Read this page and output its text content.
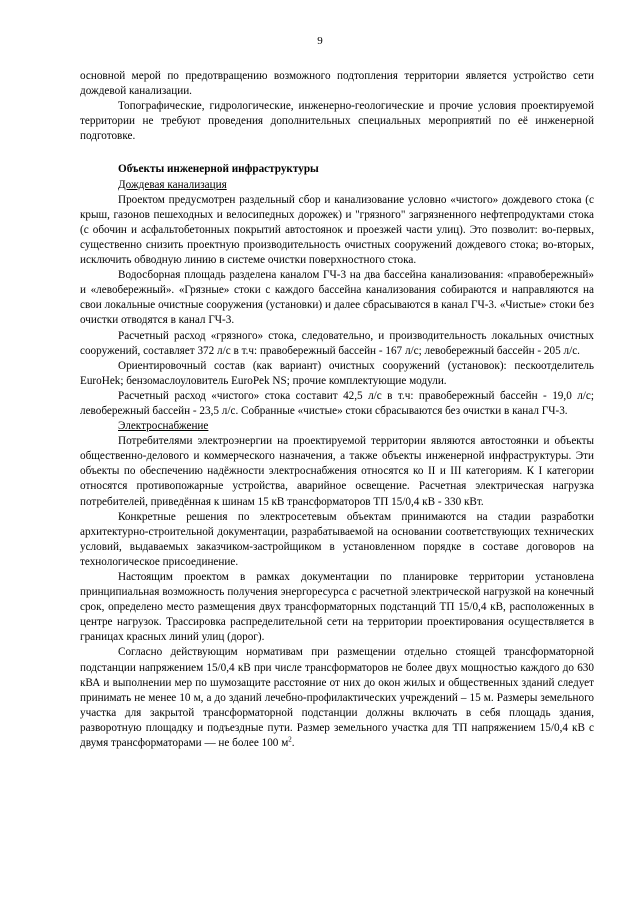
9

основной мерой по предотвращению возможного подтопления территории является устройство сети дождевой канализации.

Топографические, гидрологические, инженерно-геологические и прочие условия проектируемой территории не требуют проведения дополнительных специальных мероприятий по её инженерной подготовке.

Объекты инженерной инфраструктуры

Дождевая канализация

Проектом предусмотрен раздельный сбор и канализование условно «чистого» дождевого стока (с крыш, газонов пешеходных и велосипедных дорожек) и "грязного" загрязненного нефтепродуктами стока (с обочин и асфальтобетонных покрытий автостоянок и проезжей части улиц). Это позволит: во-первых, существенно снизить проектную производительность очистных сооружений дождевого стока; во-вторых, исключить обводную линию в системе очистки поверхностного стока.

Водосборная площадь разделена каналом ГЧ-3 на два бассейна канализования: «правобережный» и «левобережный». «Грязные» стоки с каждого бассейна канализования собираются и направляются на свои локальные очистные сооружения (установки) и далее сбрасываются в канал ГЧ-3. «Чистые» стоки без очистки отводятся в канал ГЧ-3.

Расчетный расход «грязного» стока, следовательно, и производительность локальных очистных сооружений, составляет 372 л/с в т.ч: правобережный бассейн - 167 л/с; левобережный бассейн - 205 л/с.

Ориентировочный состав (как вариант) очистных сооружений (установок): пескоотделитель EuroHek; бензомаслоуловитель EuroPek NS; прочие комплектующие модули.

Расчетный расход «чистого» стока составит 42,5 л/с в т.ч: правобережный бассейн - 19,0 л/с; левобережный бассейн - 23,5 л/с. Собранные «чистые» стоки сбрасываются без очистки в канал ГЧ-3.

Электроснабжение

Потребителями электроэнергии на проектируемой территории являются автостоянки и объекты общественно-делового и коммерческого назначения, а также объекты инженерной инфраструктуры. Эти объекты по обеспечению надёжности электроснабжения относятся ко II и III категориям. К I категории относятся противопожарные устройства, аварийное освещение. Расчетная электрическая нагрузка потребителей, приведённая к шинам 15 кВ трансформаторов ТП 15/0,4 кВ - 330 кВт.

Конкретные решения по электросетевым объектам принимаются на стадии разработки архитектурно-строительной документации, разрабатываемой на основании соответствующих технических условий, выдаваемых заказчиком-застройщиком в установленном порядке в составе договоров на технологическое присоединение.

Настоящим проектом в рамках документации по планировке территории установлена принципиальная возможность получения энергоресурса с расчетной электрической нагрузкой на конечный срок, определено место размещения двух трансформаторных подстанций ТП 15/0,4 кВ, расположенных в центре нагрузок. Трассировка распределительной сети на территории проектирования осуществляется в границах красных линий улиц (дорог).

Согласно действующим нормативам при размещении отдельно стоящей трансформаторной подстанции напряжением 15/0,4 кВ при числе трансформаторов не более двух мощностью каждого до 630 кВА и выполнении мер по шумозащите расстояние от них до окон жилых и общественных зданий следует принимать не менее 10 м, а до зданий лечебно-профилактических учреждений – 15 м. Размеры земельного участка для закрытой трансформаторной подстанции должны включать в себя площадь здания, разворотную площадку и подъездные пути. Размер земельного участка для ТП напряжением 15/0,4 кВ с двумя трансформаторами — не более 100 $м^2$.
